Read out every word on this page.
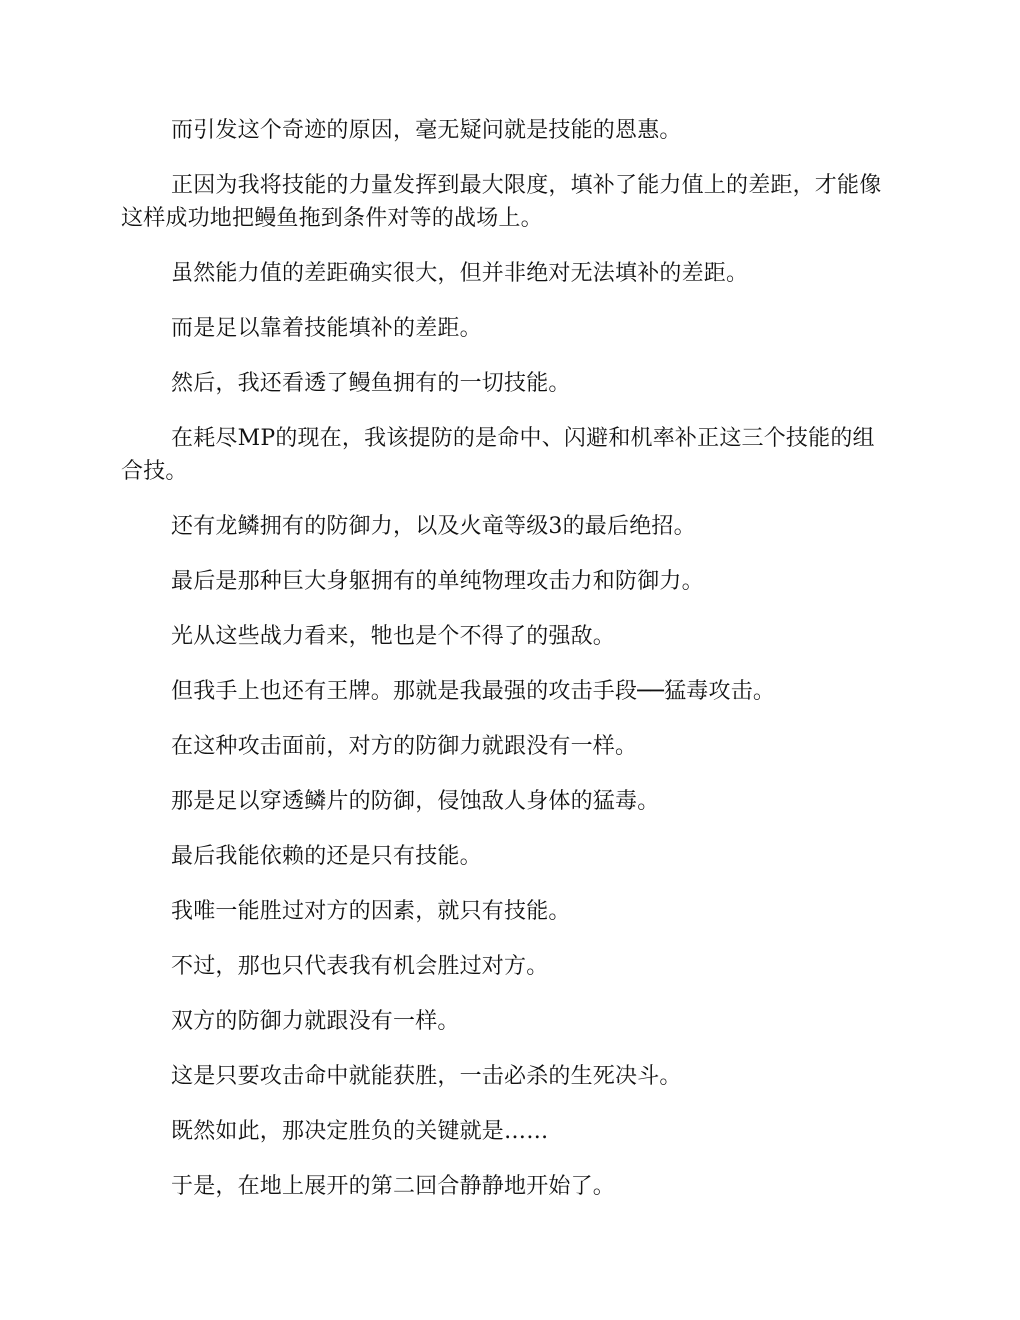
而引发这个奇迹的原因，毫无疑问就是技能的恩惠。

正因为我将技能的力量发挥到最大限度，填补了能力值上的差距，才能像这样成功地把鳗鱼拖到条件对等的战场上。

虽然能力值的差距确实很大，但并非绝对无法填补的差距。

而是足以靠着技能填补的差距。

然后，我还看透了鳗鱼拥有的一切技能。

在耗尽MP的现在，我该提防的是命中、闪避和机率补正这三个技能的组合技。

还有龙鳞拥有的防御力，以及火竜等级3的最后绝招。

最后是那种巨大身躯拥有的单纯物理攻击力和防御力。

光从这些战力看来，牠也是个不得了的强敌。

但我手上也还有王牌。那就是我最强的攻击手段──猛毒攻击。

在这种攻击面前，对方的防御力就跟没有一样。

那是足以穿透鳞片的防御，侵蚀敌人身体的猛毒。

最后我能依赖的还是只有技能。

我唯一能胜过对方的因素，就只有技能。

不过，那也只代表我有机会胜过对方。

双方的防御力就跟没有一样。

这是只要攻击命中就能获胜，一击必杀的生死决斗。

既然如此，那决定胜负的关键就是……

于是，在地上展开的第二回合静静地开始了。
